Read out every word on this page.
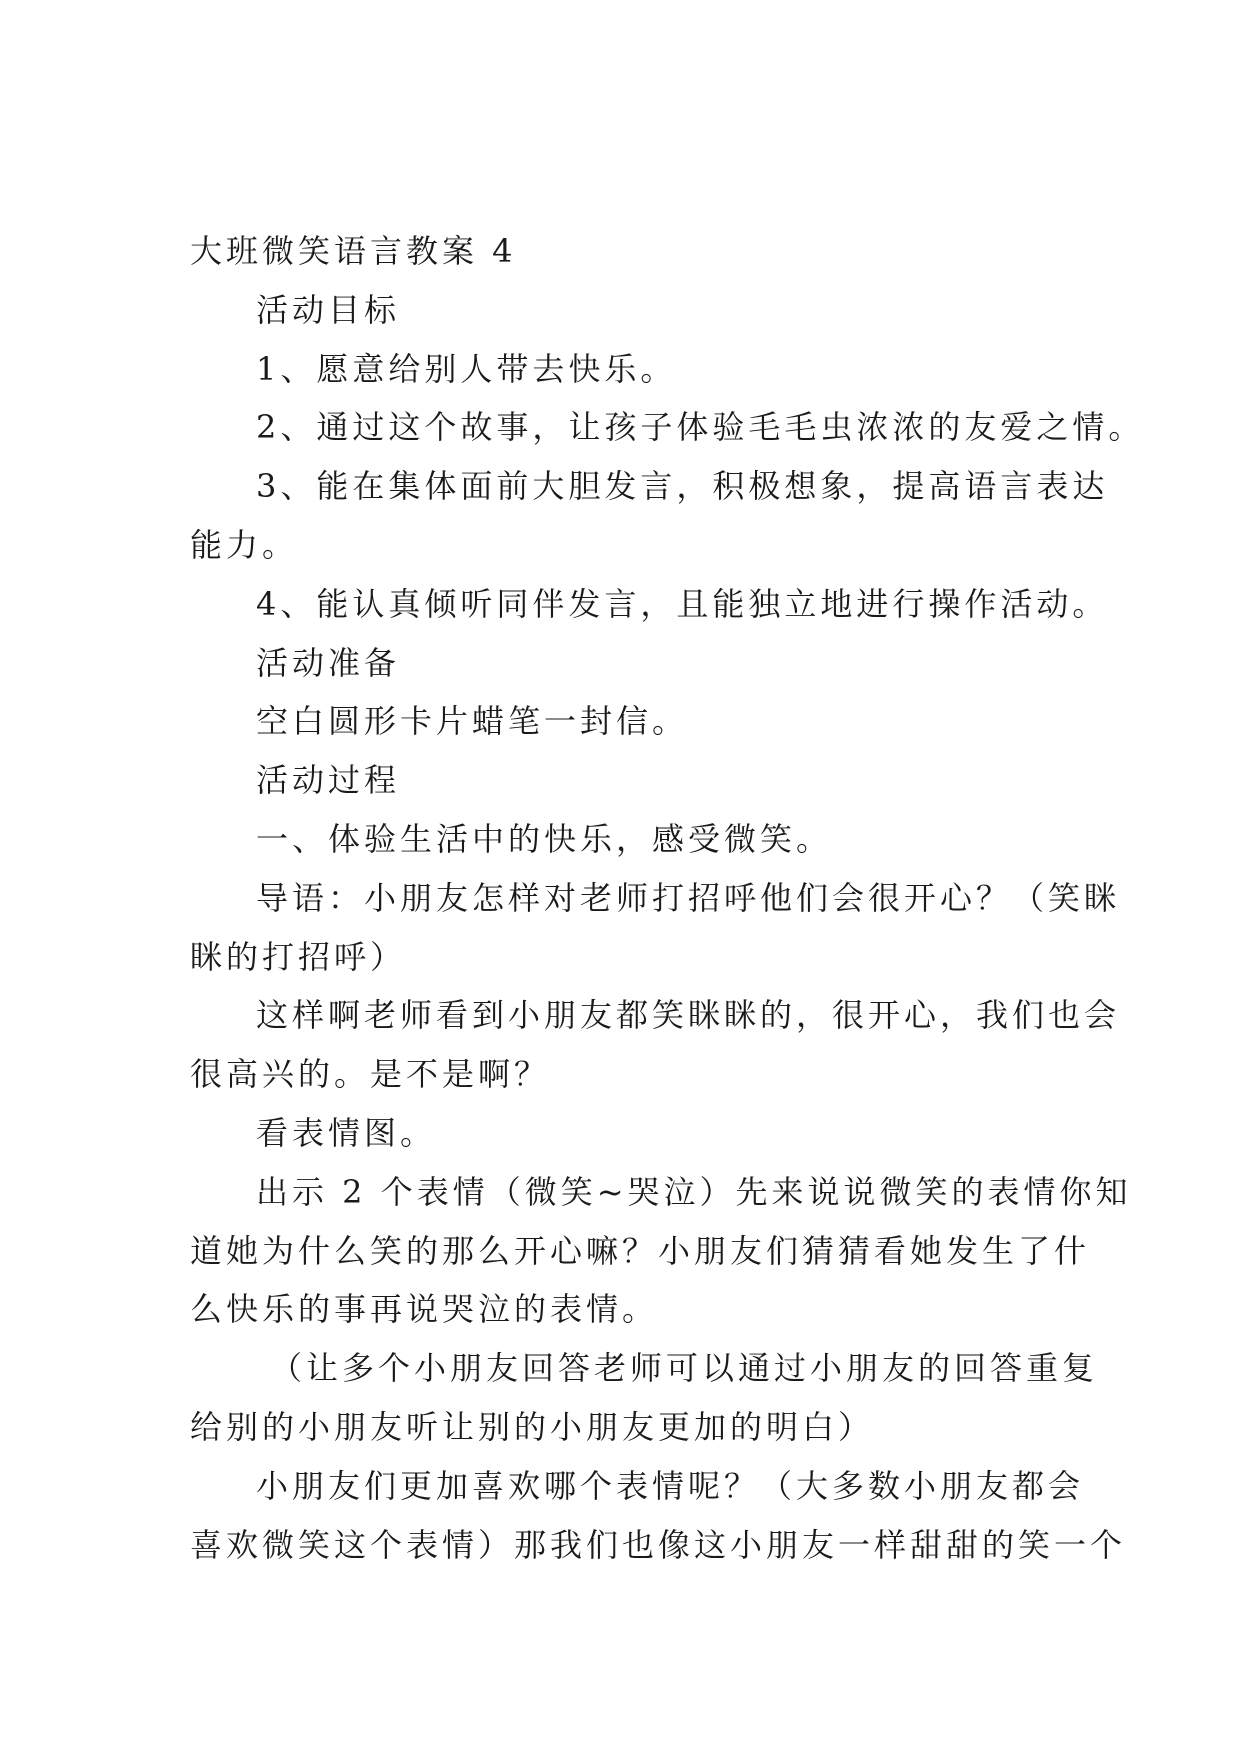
大班微笑语言教案 4
活动目标
1、愿意给别人带去快乐。
2、通过这个故事，让孩子体验毛毛虫浓浓的友爱之情。
3、能在集体面前大胆发言，积极想象，提高语言表达
能力。
4、能认真倾听同伴发言，且能独立地进行操作活动。
活动准备
空白圆形卡片蜡笔一封信。
活动过程
一、体验生活中的快乐，感受微笑。
导语：小朋友怎样对老师打招呼他们会很开心？（笑眯
眯的打招呼）
这样啊老师看到小朋友都笑眯眯的，很开心，我们也会
很高兴的。是不是啊？
看表情图。
出示 2 个表情（微笑~哭泣）先来说说微笑的表情你知
道她为什么笑的那么开心嘛？小朋友们猜猜看她发生了什
么快乐的事再说哭泣的表情。
（让多个小朋友回答老师可以通过小朋友的回答重复
给别的小朋友听让别的小朋友更加的明白）
小朋友们更加喜欢哪个表情呢？（大多数小朋友都会
喜欢微笑这个表情）那我们也像这小朋友一样甜甜的笑一个
